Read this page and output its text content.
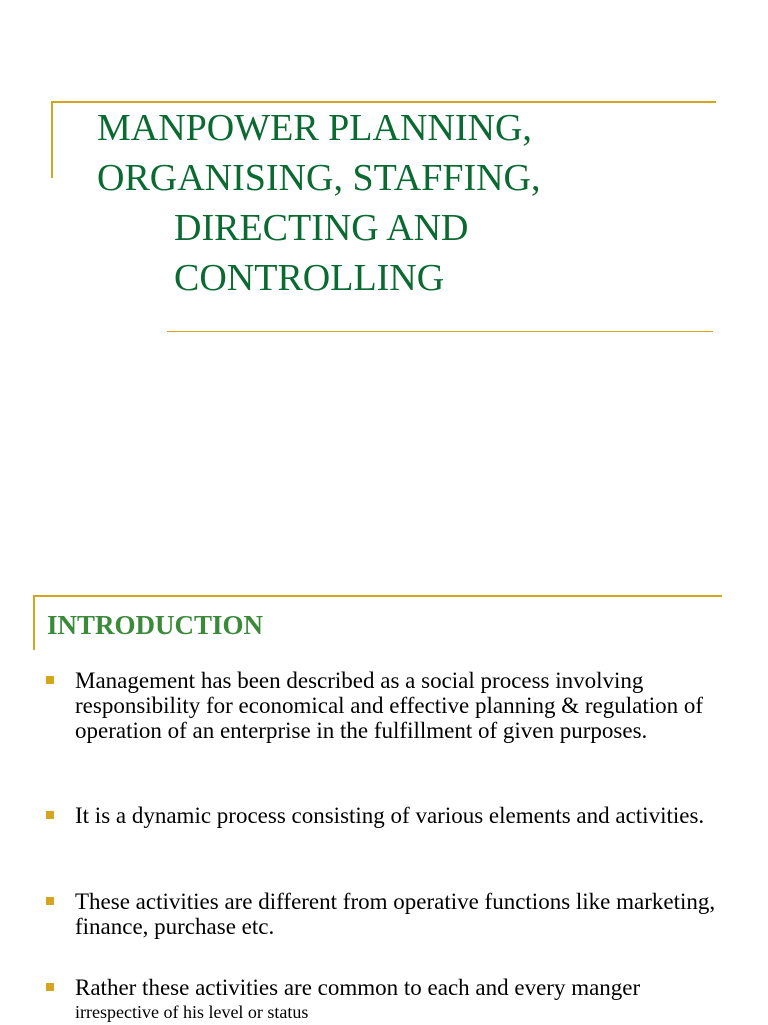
MANPOWER PLANNING,
ORGANISING, STAFFING,
DIRECTING AND
CONTROLLING
INTRODUCTION
Management has been described as a social process involving responsibility for economical and effective planning & regulation of operation of an enterprise in the fulfillment of given purposes.
It is a dynamic process consisting of various elements and activities.
These activities are different from operative functions like marketing, finance, purchase etc.
Rather these activities are common to each and every manger
irrespective of his level or status
